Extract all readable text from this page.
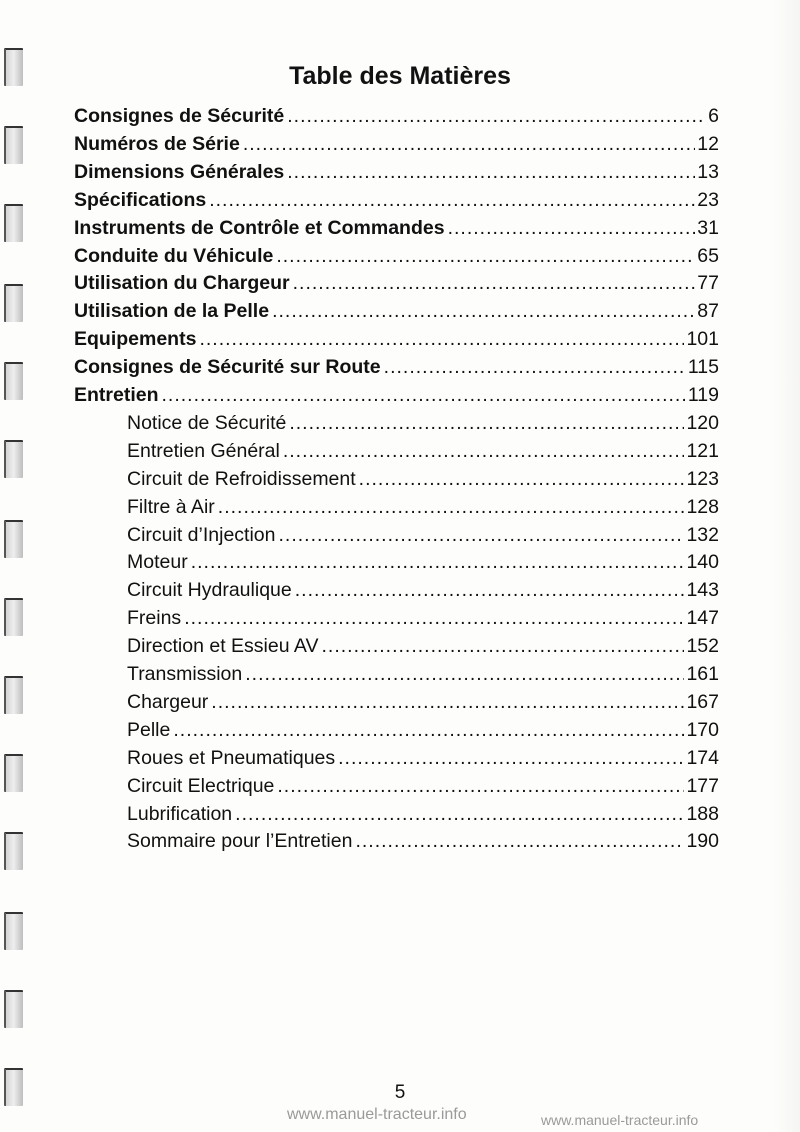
Table des Matières
Consignes de Sécurité .....	6
Numéros de Série .....	12
Dimensions Générales .....	13
Spécifications .....	23
Instruments de Contrôle et Commandes .....	31
Conduite du Véhicule .....	65
Utilisation du Chargeur .....	77
Utilisation de la Pelle .....	87
Equipements .....	101
Consignes de Sécurité sur Route .....	115
Entretien .....	119
Notice de Sécurité .....	120
Entretien Général .....	121
Circuit de Refroidissement .....	123
Filtre à Air .....	128
Circuit d’Injection .....	132
Moteur .....	140
Circuit Hydraulique .....	143
Freins .....	147
Direction et Essieu AV .....	152
Transmission .....	161
Chargeur .....	167
Pelle .....	170
Roues et Pneumatiques .....	174
Circuit Electrique .....	177
Lubrification .....	188
Sommaire pour l’Entretien .....	190
5
www.manuel-tracteur.info	www.manuel-tracteur.info
